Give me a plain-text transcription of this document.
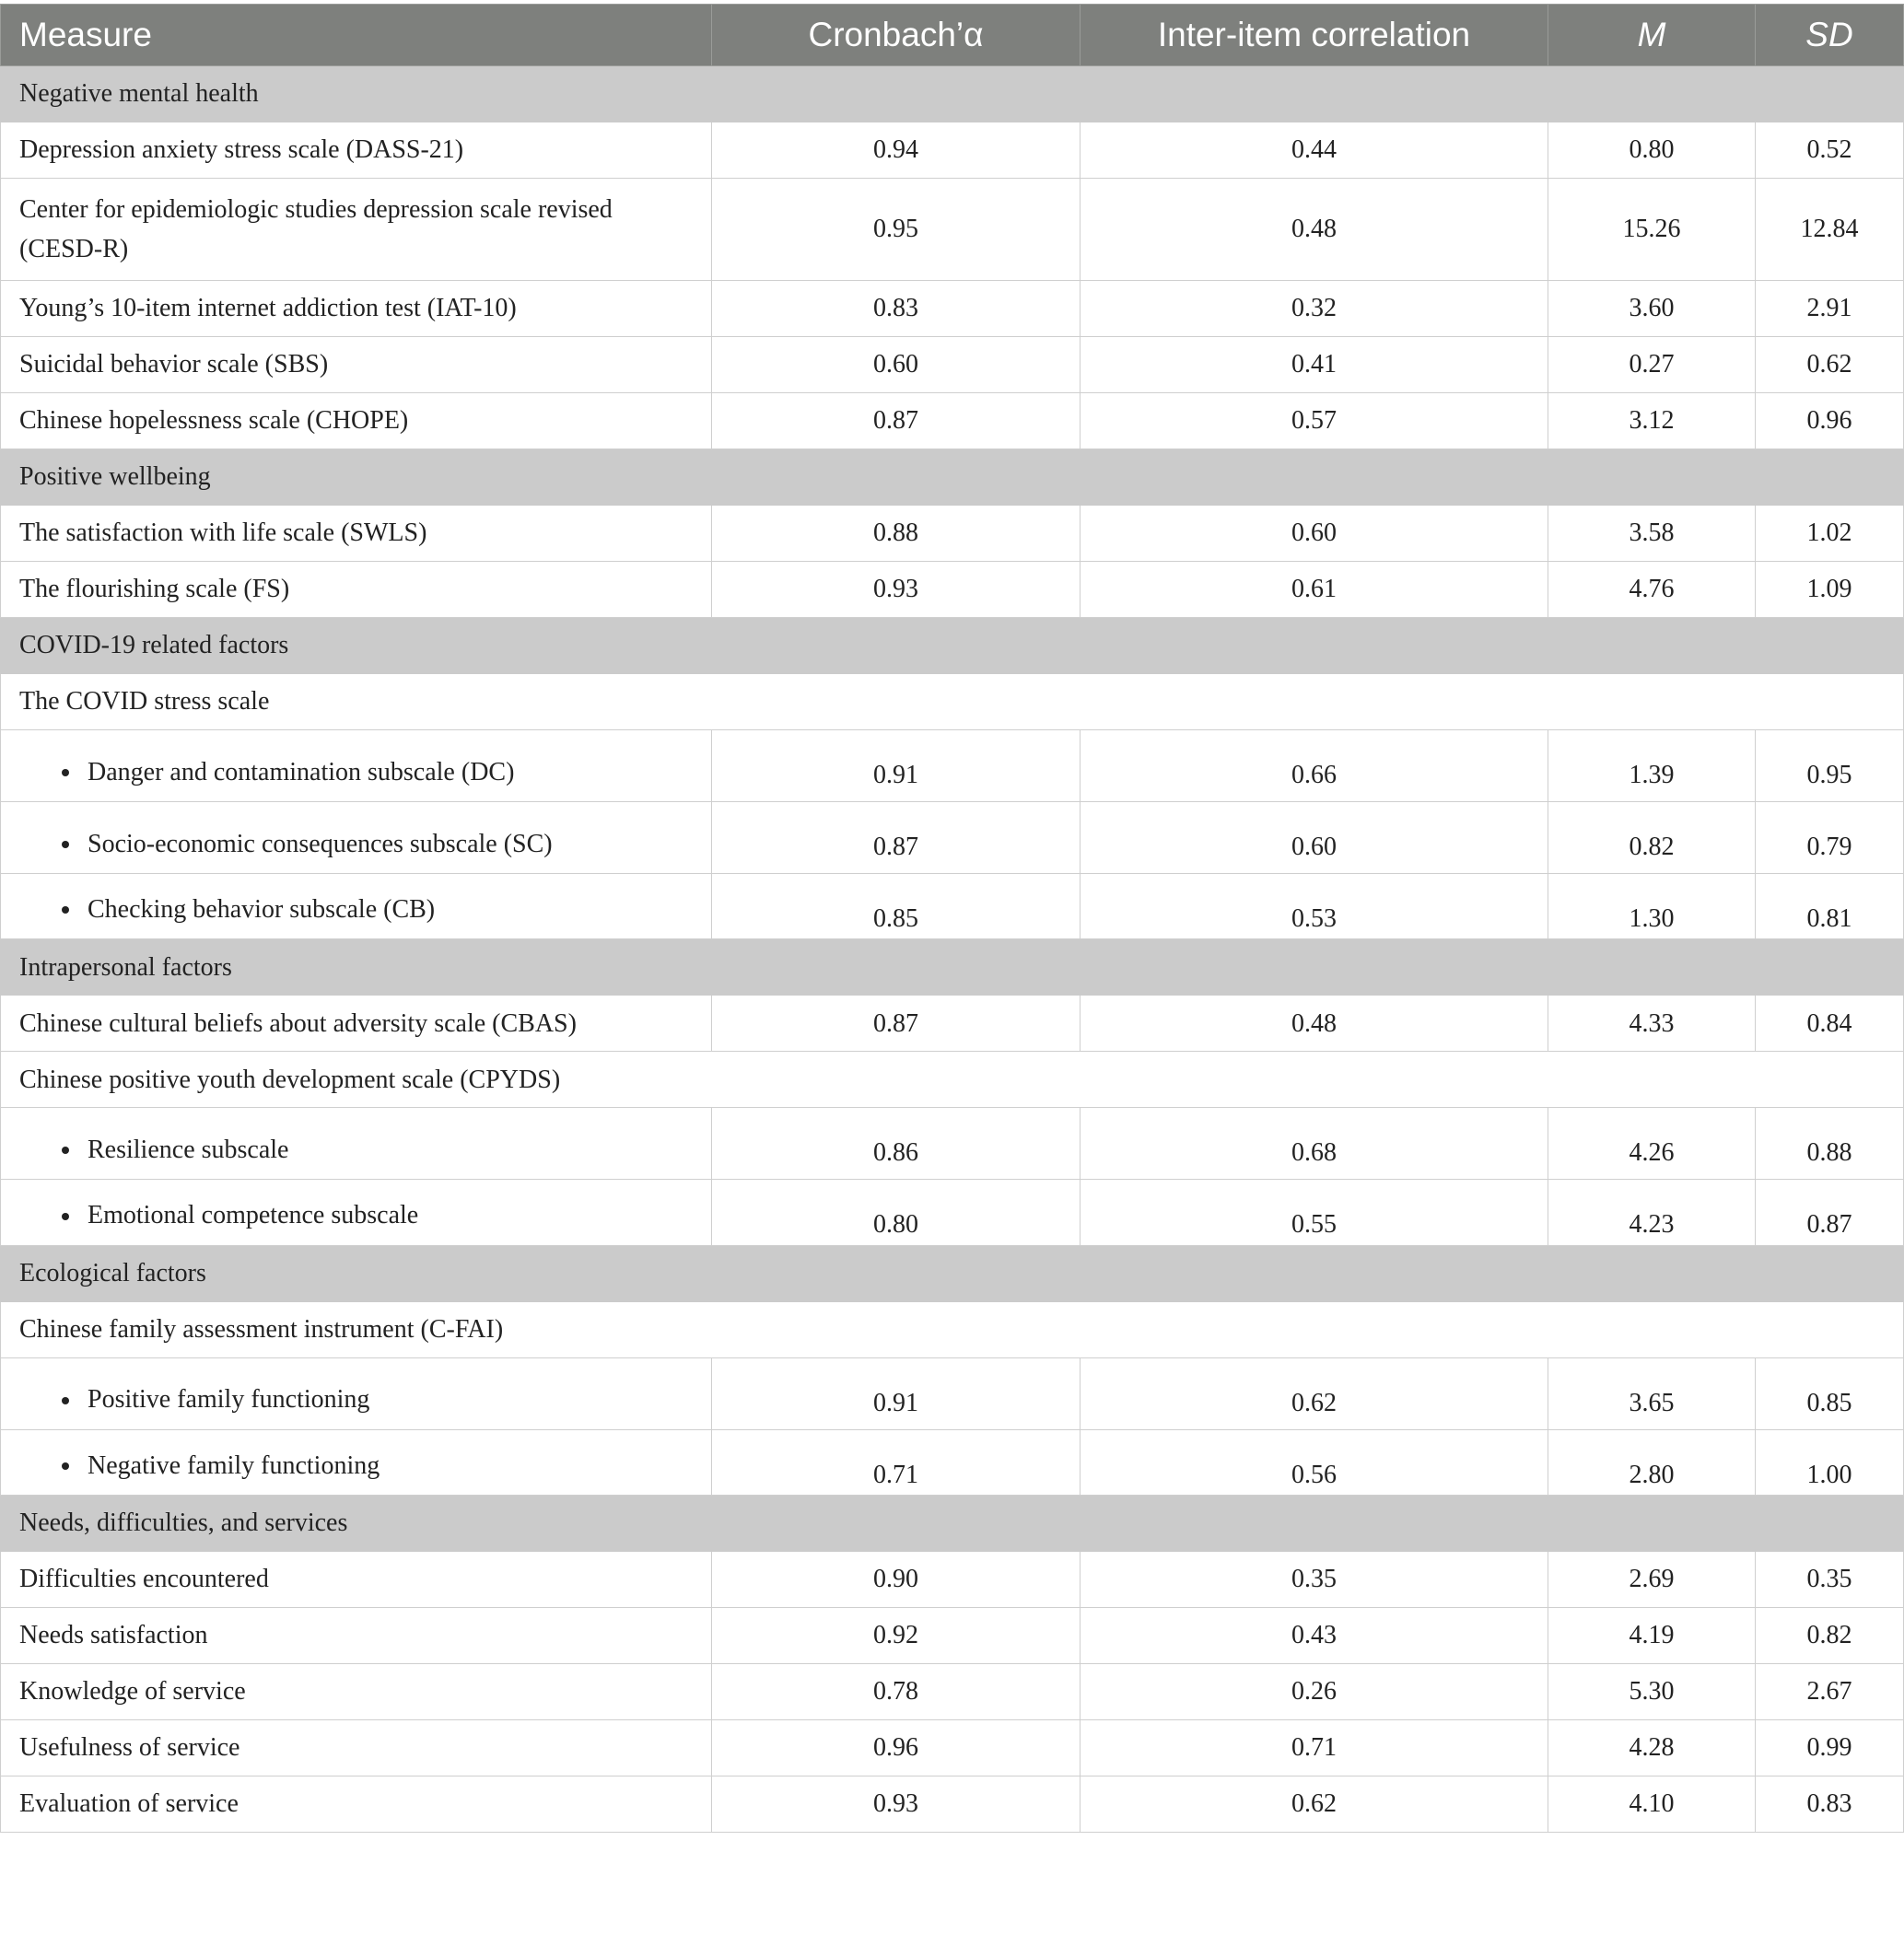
Measure	Cronbach’α	Inter-item correlation	M	SD
Negative mental health				
Depression anxiety stress scale (DASS-21)	0.94	0.44	0.80	0.52
Center for epidemiologic studies depression scale revised (CESD-R)	0.95	0.48	15.26	12.84
Young’s 10-item internet addiction test (IAT-10)	0.83	0.32	3.60	2.91
Suicidal behavior scale (SBS)	0.60	0.41	0.27	0.62
Chinese hopelessness scale (CHOPE)	0.87	0.57	3.12	0.96
Positive wellbeing				
The satisfaction with life scale (SWLS)	0.88	0.60	3.58	1.02
The flourishing scale (FS)	0.93	0.61	4.76	1.09
COVID-19 related factors				
The COVID stress scale				

Danger and contamination subscale (DC)	0.91	0.66	1.39	0.95

Socio-economic consequences subscale (SC)	0.87	0.60	0.82	0.79

Checking behavior subscale (CB)	0.85	0.53	1.30	0.81
Intrapersonal factors				
Chinese cultural beliefs about adversity scale (CBAS)	0.87	0.48	4.33	0.84
Chinese positive youth development scale (CPYDS)				

Resilience subscale	0.86	0.68	4.26	0.88

Emotional competence subscale	0.80	0.55	4.23	0.87
Ecological factors				
Chinese family assessment instrument (C-FAI)				

Positive family functioning	0.91	0.62	3.65	0.85

Negative family functioning	0.71	0.56	2.80	1.00
Needs, difficulties, and services				
Difficulties encountered	0.90	0.35	2.69	0.35
Needs satisfaction	0.92	0.43	4.19	0.82
Knowledge of service	0.78	0.26	5.30	2.67
Usefulness of service	0.96	0.71	4.28	0.99
Evaluation of service	0.93	0.62	4.10	0.83
